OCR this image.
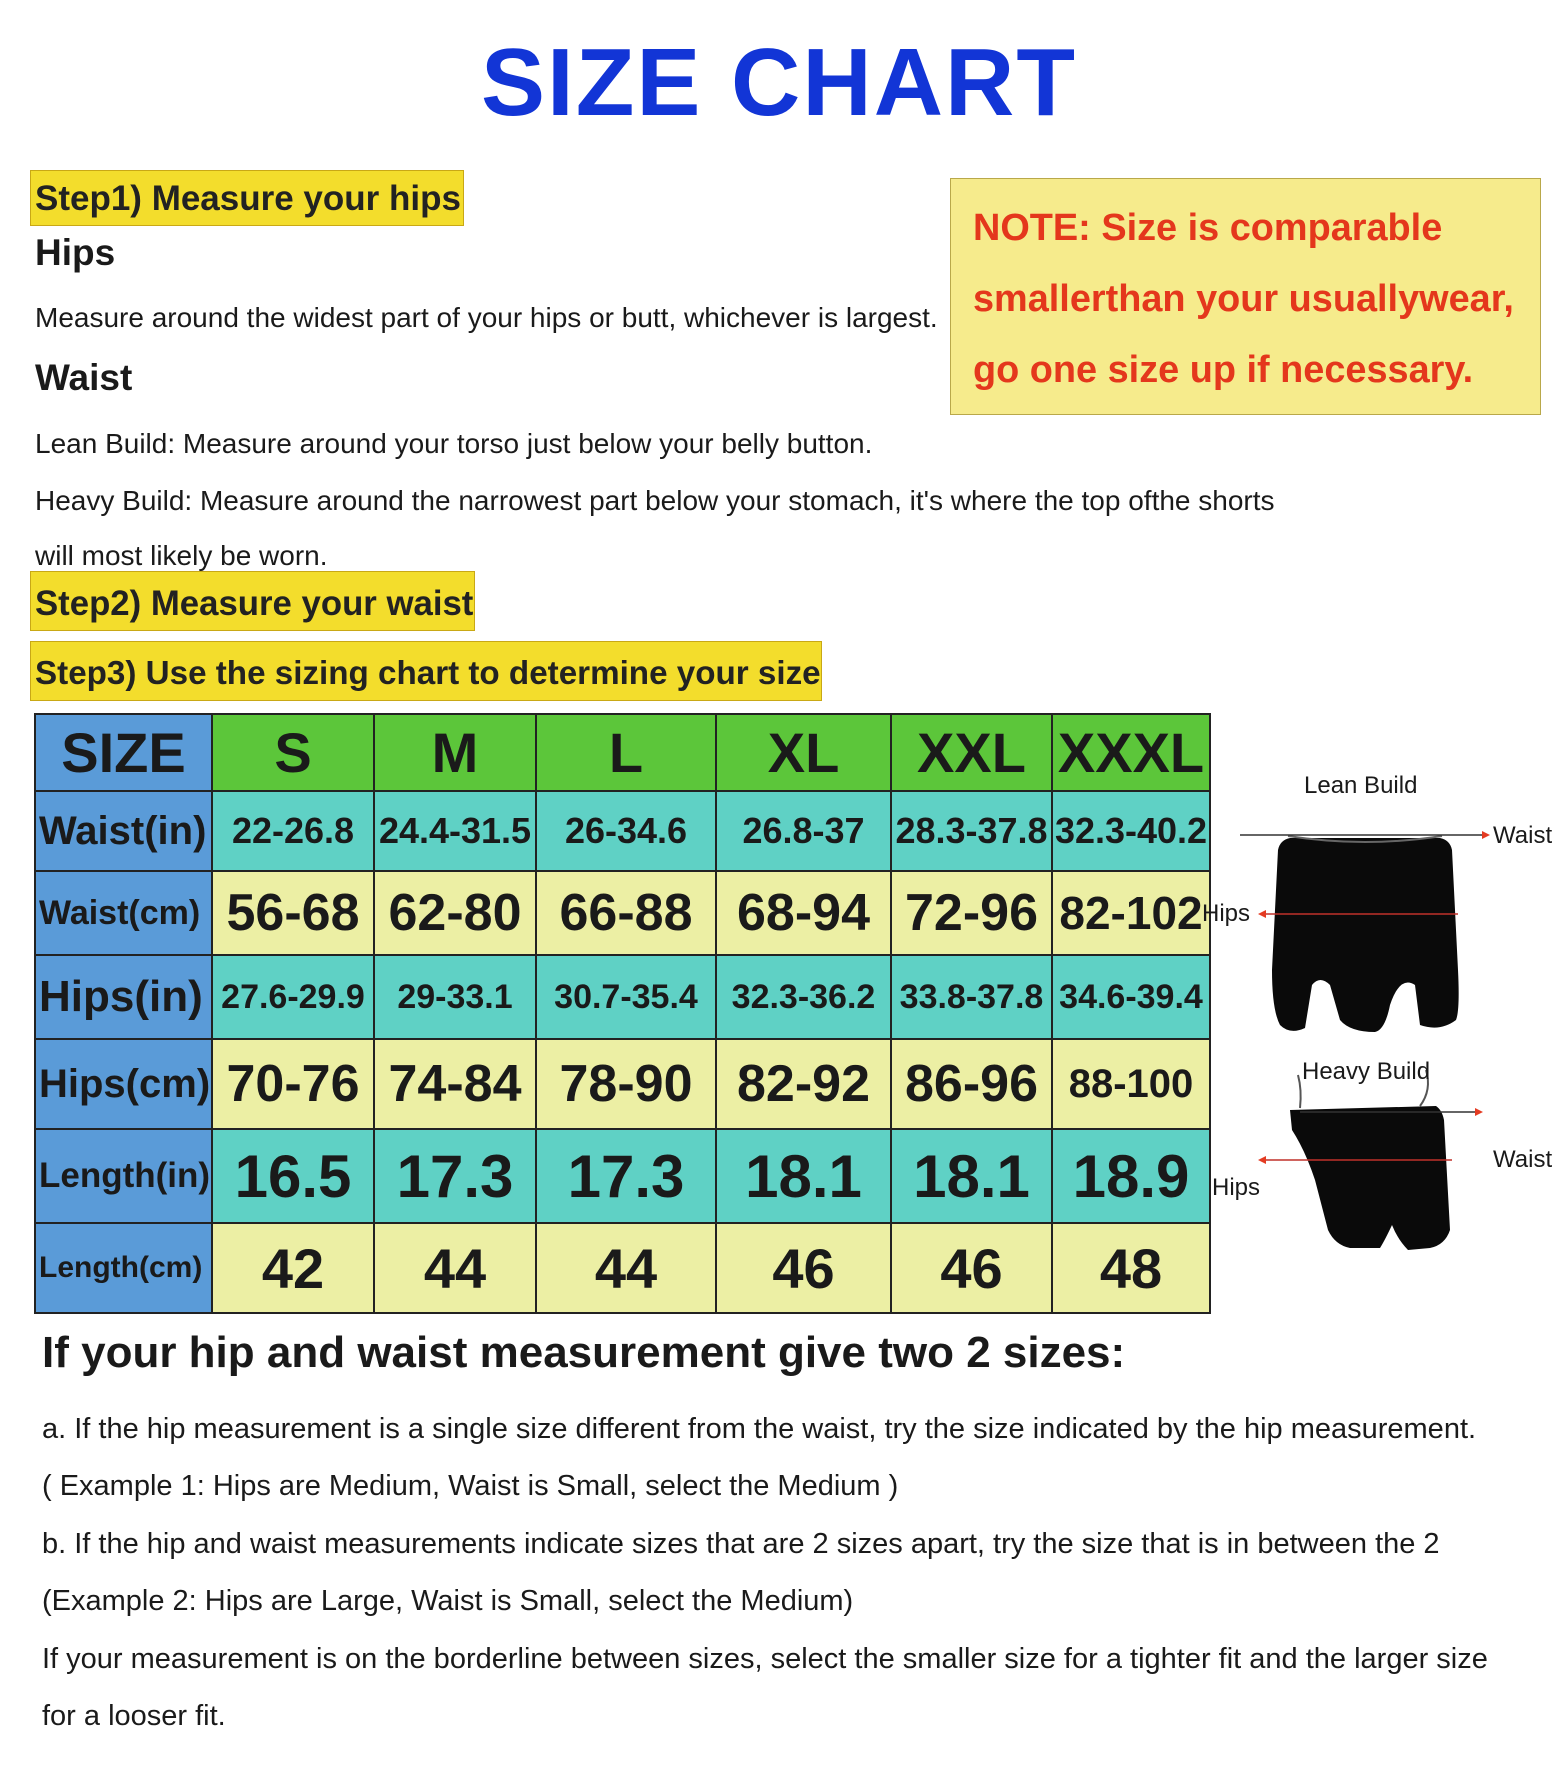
SIZE CHART
Step1) Measure your hips
Hips
Measure around the widest part of your hips or butt, whichever is largest.
Waist
Lean Build: Measure around your torso just below your belly button.
Heavy Build: Measure around the narrowest part below your stomach, it's where the top ofthe shorts
will most likely be worn.
Step2) Measure your waist
Step3) Use the sizing chart to determine your size
NOTE: Size is comparable
smallerthan your usuallywear,
go one size up if necessary.
SIZE	S	M	L	XL	XXL	XXXL
Waist(in)	22-26.8	24.4-31.5	26-34.6	26.8-37	28.3-37.8	32.3-40.2
Waist(cm)	56-68	62-80	66-88	68-94	72-96	82-102
Hips(in)	27.6-29.9	29-33.1	30.7-35.4	32.3-36.2	33.8-37.8	34.6-39.4
Hips(cm)	70-76	74-84	78-90	82-92	86-96	88-100
Length(in)	16.5	17.3	17.3	18.1	18.1	18.9
Length(cm)	42	44	44	46	46	48
Lean Build
Waist
Hips
Heavy Build
Waist
Hips
If your hip and waist measurement give two 2 sizes:
a. If the hip measurement is a single size different from the waist, try the size indicated by the hip measurement.
( Example 1: Hips are Medium, Waist is Small, select the Medium )
b. If the hip and waist measurements indicate sizes that are 2 sizes apart, try the size that is in between the 2
(Example 2: Hips are Large, Waist is Small, select the Medium)
If your measurement is on the borderline between sizes, select the smaller size for a tighter fit and the larger size
for a looser fit.
